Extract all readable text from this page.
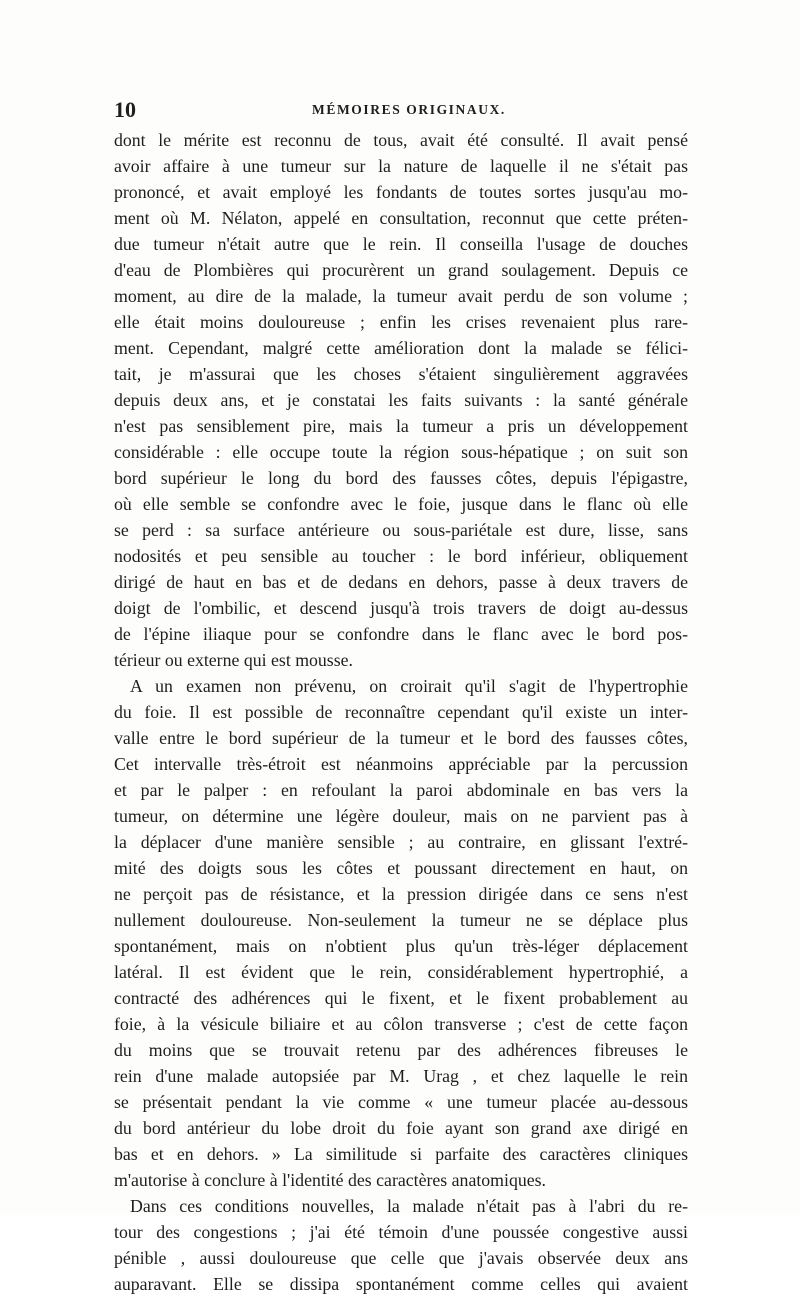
10	MÉMOIRES ORIGINAUX.
dont le mérite est reconnu de tous, avait été consulté. Il avait pensé
avoir affaire à une tumeur sur la nature de laquelle il ne s'était pas
prononcé, et avait employé les fondants de toutes sortes jusqu'au mo-
ment où M. Nélaton, appelé en consultation, reconnut que cette préten-
due tumeur n'était autre que le rein. Il conseilla l'usage de douches
d'eau de Plombières qui procurèrent un grand soulagement. Depuis ce
moment, au dire de la malade, la tumeur avait perdu de son volume ;
elle était moins douloureuse ; enfin les crises revenaient plus rare-
ment. Cependant, malgré cette amélioration dont la malade se félici-
tait, je m'assurai que les choses s'étaient singulièrement aggravées
depuis deux ans, et je constatai les faits suivants : la santé générale
n'est pas sensiblement pire, mais la tumeur a pris un développement
considérable : elle occupe toute la région sous-hépatique ; on suit son
bord supérieur le long du bord des fausses côtes, depuis l'épigastre,
où elle semble se confondre avec le foie, jusque dans le flanc où elle
se perd : sa surface antérieure ou sous-pariétale est dure, lisse, sans
nodosités et peu sensible au toucher : le bord inférieur, obliquement
dirigé de haut en bas et de dedans en dehors, passe à deux travers de
doigt de l'ombilic, et descend jusqu'à trois travers de doigt au-dessus
de l'épine iliaque pour se confondre dans le flanc avec le bord pos-
térieur ou externe qui est mousse.
A un examen non prévenu, on croirait qu'il s'agit de l'hypertrophie
du foie. Il est possible de reconnaître cependant qu'il existe un inter-
valle entre le bord supérieur de la tumeur et le bord des fausses côtes,
Cet intervalle très-étroit est néanmoins appréciable par la percussion
et par le palper : en refoulant la paroi abdominale en bas vers la
tumeur, on détermine une légère douleur, mais on ne parvient pas à
la déplacer d'une manière sensible ; au contraire, en glissant l'extré-
mité des doigts sous les côtes et poussant directement en haut, on
ne perçoit pas de résistance, et la pression dirigée dans ce sens n'est
nullement douloureuse. Non-seulement la tumeur ne se déplace plus
spontanément, mais on n'obtient plus qu'un très-léger déplacement
latéral. Il est évident que le rein, considérablement hypertrophié, a
contracté des adhérences qui le fixent, et le fixent probablement au
foie, à la vésicule biliaire et au côlon transverse ; c'est de cette façon
du moins que se trouvait retenu par des adhérences fibreuses le
rein d'une malade autopsiée par M. Urag , et chez laquelle le rein
se présentait pendant la vie comme « une tumeur placée au-dessous
du bord antérieur du lobe droit du foie ayant son grand axe dirigé en
bas et en dehors. » La similitude si parfaite des caractères cliniques
m'autorise à conclure à l'identité des caractères anatomiques.
Dans ces conditions nouvelles, la malade n'était pas à l'abri du re-
tour des congestions ; j'ai été témoin d'une poussée congestive aussi
pénible , aussi douloureuse que celle que j'avais observée deux ans
auparavant. Elle se dissipa spontanément comme celles qui avaient
